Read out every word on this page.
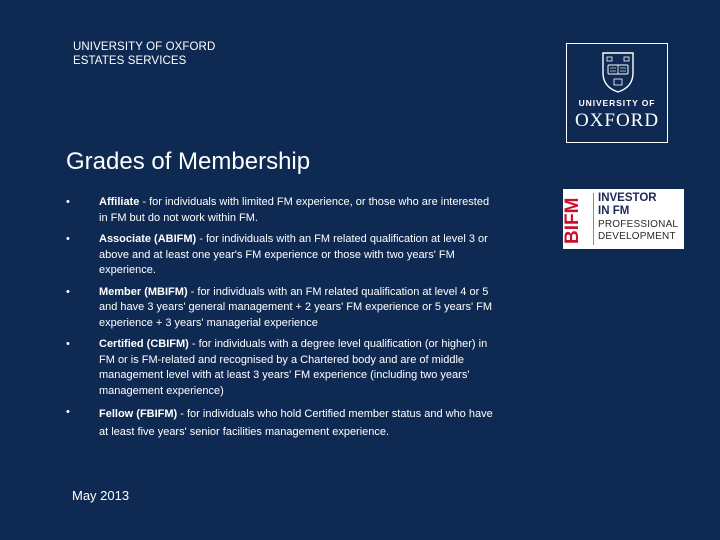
UNIVERSITY OF OXFORD
ESTATES SERVICES
UNIVERSITY OF
OXFORD
Grades of Membership
•	Affiliate - for individuals with limited FM experience, or those who are interested in FM but do not work within FM.
•	Associate (ABIFM) - for individuals with an FM related qualification at level 3 or above and at least one year's FM experience or those with two years' FM experience.
•	Member (MBIFM) - for individuals with an FM related qualification at level 4 or 5 and have 3 years' general management + 2 years' FM experience or 5 years' FM experience + 3 years' managerial experience
•	Certified (CBIFM) - for individuals with a degree level qualification (or higher) in FM or is FM-related and recognised by a Chartered body and are of middle management level with at least 3 years' FM experience (including two years' management experience)
•	Fellow (FBIFM) - for individuals who hold Certified member status and who have at least five years' senior facilities management experience.
BIFM INVESTOR
IN FM
PROFESSIONAL
DEVELOPMENT
May 2013
